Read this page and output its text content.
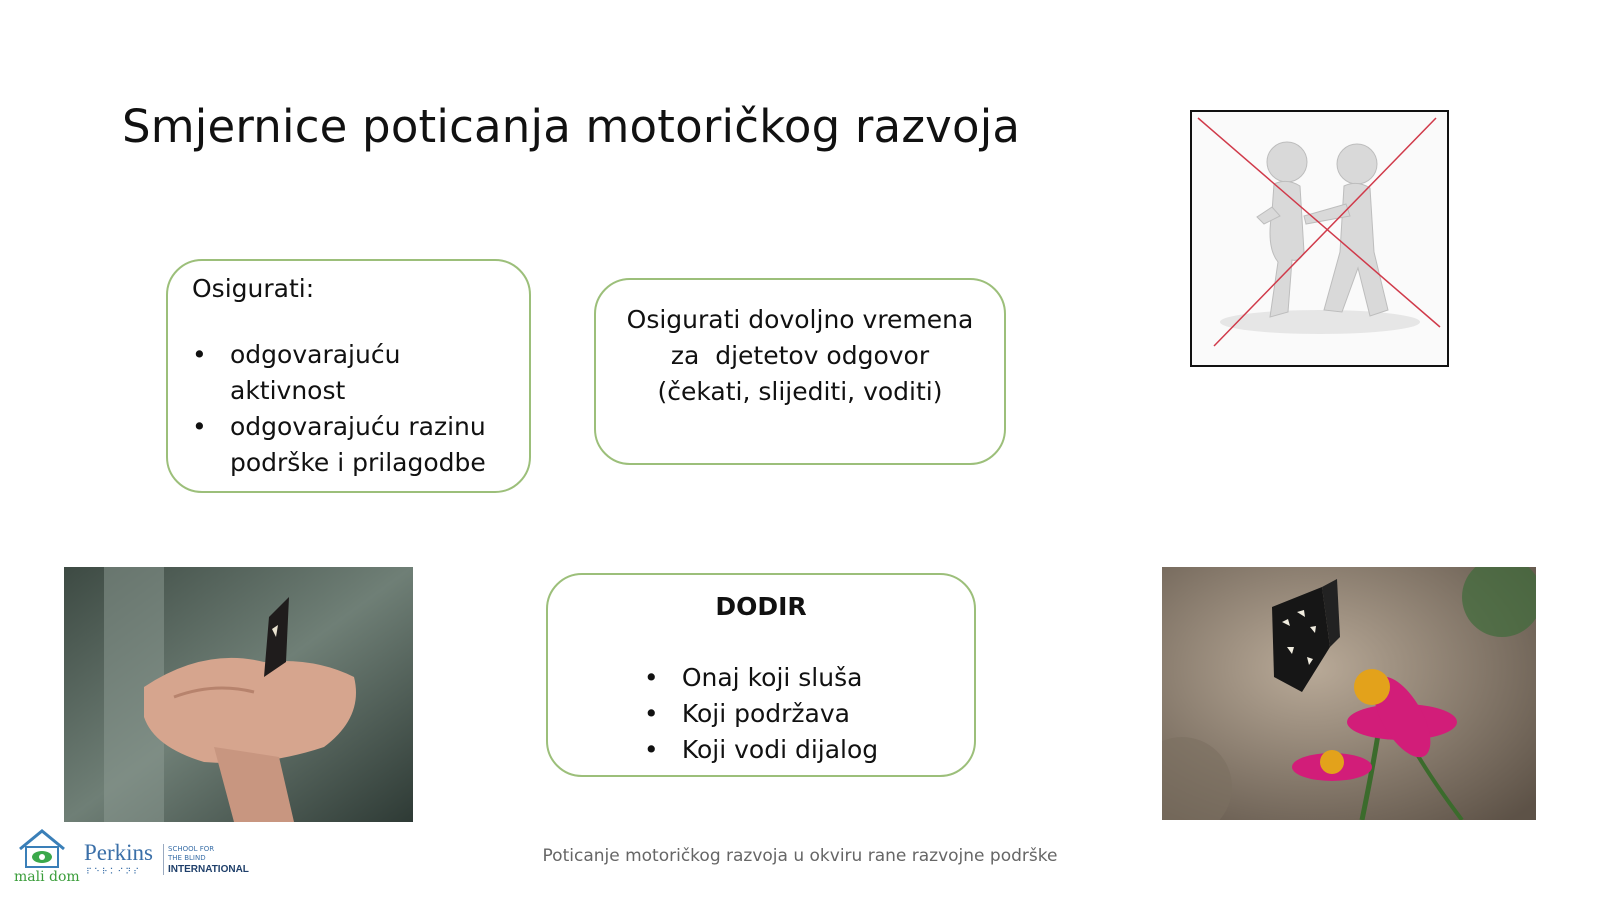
Smjernice poticanja motoričkog razvoja
Osigurati:
• odgovarajuću aktivnost
• odgovarajuću razinu podrške i prilagodbe
Osigurati dovoljno vremena
za  djetetov odgovor
(čekati, slijediti, voditi)
DODIR
• Onaj koji sluša
• Koji podržava
• Koji vodi dijalog
Poticanje motoričkog razvoja u okviru rane razvojne podrške
mali dom
Perkins
⠏⠑⠗⠅⠊⠝⠎
SCHOOL FOR
THE BLIND
INTERNATIONAL
